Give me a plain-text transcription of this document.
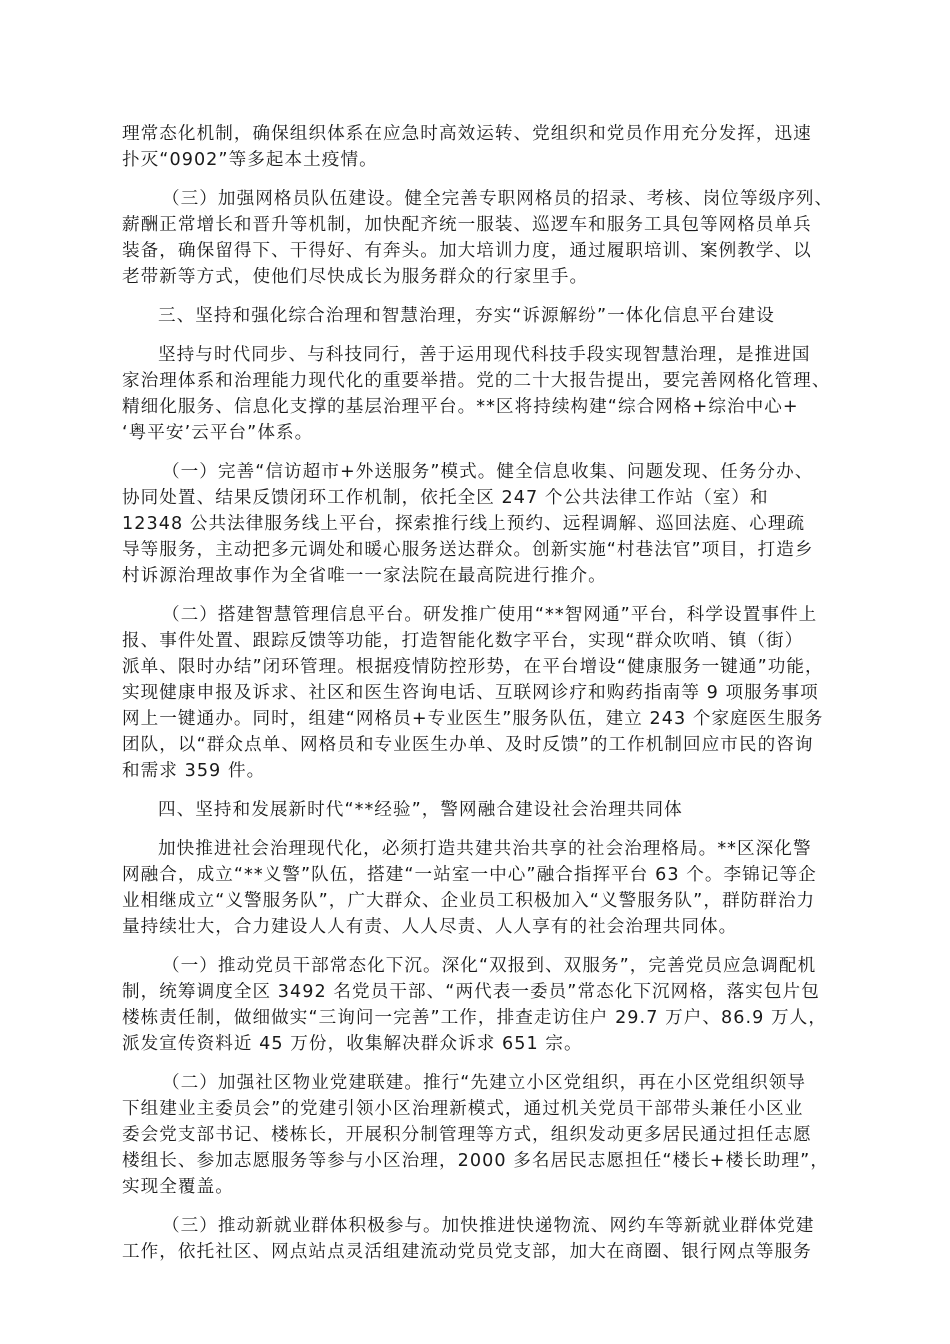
理常态化机制，确保组织体系在应急时高效运转、党组织和党员作用充分发挥，迅速
扑灭“0902”等多起本土疫情。

（三）加强网格员队伍建设。健全完善专职网格员的招录、考核、岗位等级序列、
薪酬正常增长和晋升等机制，加快配齐统一服装、巡逻车和服务工具包等网格员单兵
装备，确保留得下、干得好、有奔头。加大培训力度，通过履职培训、案例教学、以
老带新等方式，使他们尽快成长为服务群众的行家里手。

三、坚持和强化综合治理和智慧治理，夯实“诉源解纷”一体化信息平台建设

坚持与时代同步、与科技同行，善于运用现代科技手段实现智慧治理，是推进国
家治理体系和治理能力现代化的重要举措。党的二十大报告提出，要完善网格化管理、
精细化服务、信息化支撑的基层治理平台。**区将持续构建“综合网格+综治中心+
‘粤平安’云平台”体系。

（一）完善“信访超市+外送服务”模式。健全信息收集、问题发现、任务分办、
协同处置、结果反馈闭环工作机制，依托全区 247 个公共法律工作站（室）和
12348 公共法律服务线上平台，探索推行线上预约、远程调解、巡回法庭、心理疏
导等服务，主动把多元调处和暖心服务送达群众。创新实施“村巷法官”项目，打造乡
村诉源治理故事作为全省唯一一家法院在最高院进行推介。

（二）搭建智慧管理信息平台。研发推广使用“**智网通”平台，科学设置事件上
报、事件处置、跟踪反馈等功能，打造智能化数字平台，实现“群众吹哨、镇（街）
派单、限时办结”闭环管理。根据疫情防控形势，在平台增设“健康服务一键通”功能，
实现健康申报及诉求、社区和医生咨询电话、互联网诊疗和购药指南等 9 项服务事项
网上一键通办。同时，组建“网格员+专业医生”服务队伍，建立 243 个家庭医生服务
团队，以“群众点单、网格员和专业医生办单、及时反馈”的工作机制回应市民的咨询
和需求 359 件。

四、坚持和发展新时代“**经验”，警网融合建设社会治理共同体

加快推进社会治理现代化，必须打造共建共治共享的社会治理格局。**区深化警
网融合，成立“**义警”队伍，搭建“一站室一中心”融合指挥平台 63 个。李锦记等企
业相继成立“义警服务队”，广大群众、企业员工积极加入“义警服务队”，群防群治力
量持续壮大，合力建设人人有责、人人尽责、人人享有的社会治理共同体。

（一）推动党员干部常态化下沉。深化“双报到、双服务”，完善党员应急调配机
制，统筹调度全区 3492 名党员干部、“两代表一委员”常态化下沉网格，落实包片包
楼栋责任制，做细做实“三询问一完善”工作，排查走访住户 29.7 万户、86.9 万人，
派发宣传资料近 45 万份，收集解决群众诉求 651 宗。

（二）加强社区物业党建联建。推行“先建立小区党组织，再在小区党组织领导
下组建业主委员会”的党建引领小区治理新模式，通过机关党员干部带头兼任小区业
委会党支部书记、楼栋长，开展积分制管理等方式，组织发动更多居民通过担任志愿
楼组长、参加志愿服务等参与小区治理，2000 多名居民志愿担任“楼长+楼长助理”，
实现全覆盖。

（三）推动新就业群体积极参与。加快推进快递物流、网约车等新就业群体党建
工作，依托社区、网点站点灵活组建流动党员党支部，加大在商圈、银行网点等服务
